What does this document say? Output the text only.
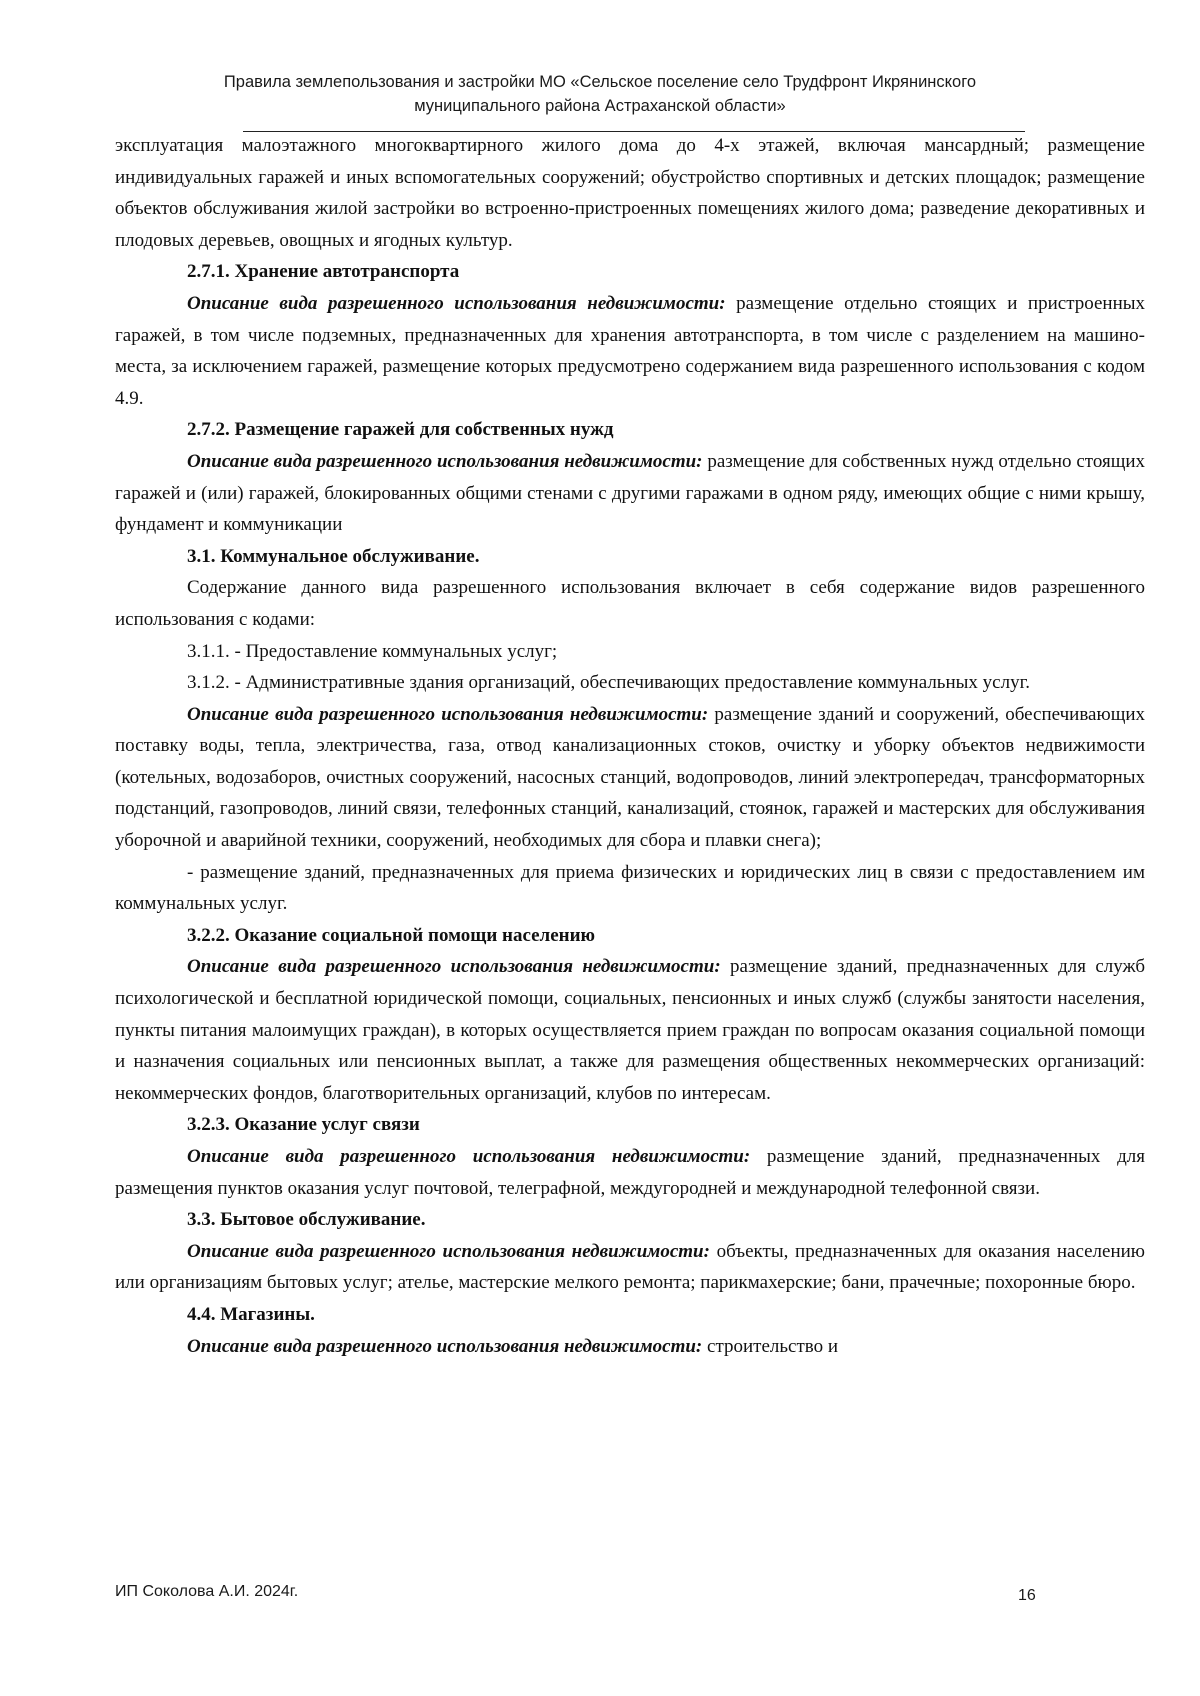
Правила землепользования и застройки МО «Сельское поселение село Трудфронт Икрянинского
муниципального района Астраханской области»

эксплуатация малоэтажного многоквартирного жилого дома до 4-х этажей, включая мансардный; размещение индивидуальных гаражей и иных вспомогательных сооружений; обустройство спортивных и детских площадок; размещение объектов обслуживания жилой застройки во встроенно-пристроенных помещениях жилого дома; разведение декоративных и плодовых деревьев, овощных и ягодных культур.

2.7.1. Хранение автотранспорта

Описание вида разрешенного использования недвижимости: размещение отдельно стоящих и пристроенных гаражей, в том числе подземных, предназначенных для хранения автотранспорта, в том числе с разделением на машино-места, за исключением гаражей, размещение которых предусмотрено содержанием вида разрешенного использования с кодом 4.9.

2.7.2. Размещение гаражей для собственных нужд

Описание вида разрешенного использования недвижимости: размещение для собственных нужд отдельно стоящих гаражей и (или) гаражей, блокированных общими стенами с другими гаражами в одном ряду, имеющих общие с ними крышу, фундамент и коммуникации

3.1. Коммунальное обслуживание.

Содержание данного вида разрешенного использования включает в себя содержание видов разрешенного использования с кодами:

3.1.1. - Предоставление коммунальных услуг;

3.1.2. - Административные здания организаций, обеспечивающих предоставление коммунальных услуг.

Описание вида разрешенного использования недвижимости: размещение зданий и сооружений, обеспечивающих поставку воды, тепла, электричества, газа, отвод канализационных стоков, очистку и уборку объектов недвижимости (котельных, водозаборов, очистных сооружений, насосных станций, водопроводов, линий электропередач, трансформаторных подстанций, газопроводов, линий связи, телефонных станций, канализаций, стоянок, гаражей и мастерских для обслуживания уборочной и аварийной техники, сооружений, необходимых для сбора и плавки снега);

- размещение зданий, предназначенных для приема физических и юридических лиц в связи с предоставлением им коммунальных услуг.

3.2.2. Оказание социальной помощи населению

Описание вида разрешенного использования недвижимости: размещение зданий, предназначенных для служб психологической и бесплатной юридической помощи, социальных, пенсионных и иных служб (службы занятости населения, пункты питания малоимущих граждан), в которых осуществляется прием граждан по вопросам оказания социальной помощи и назначения социальных или пенсионных выплат, а также для размещения общественных некоммерческих организаций: некоммерческих фондов, благотворительных организаций, клубов по интересам.

3.2.3. Оказание услуг связи

Описание вида разрешенного использования недвижимости: размещение зданий, предназначенных для размещения пунктов оказания услуг почтовой, телеграфной, междугородней и международной телефонной связи.

3.3. Бытовое обслуживание.

Описание вида разрешенного использования недвижимости: объекты, предназначенных для оказания населению или организациям бытовых услуг; ателье, мастерские мелкого ремонта; парикмахерские; бани, прачечные; похоронные бюро.

4.4. Магазины.

Описание вида разрешенного использования недвижимости: строительство и

ИП Соколова А.И. 2024г.	16
